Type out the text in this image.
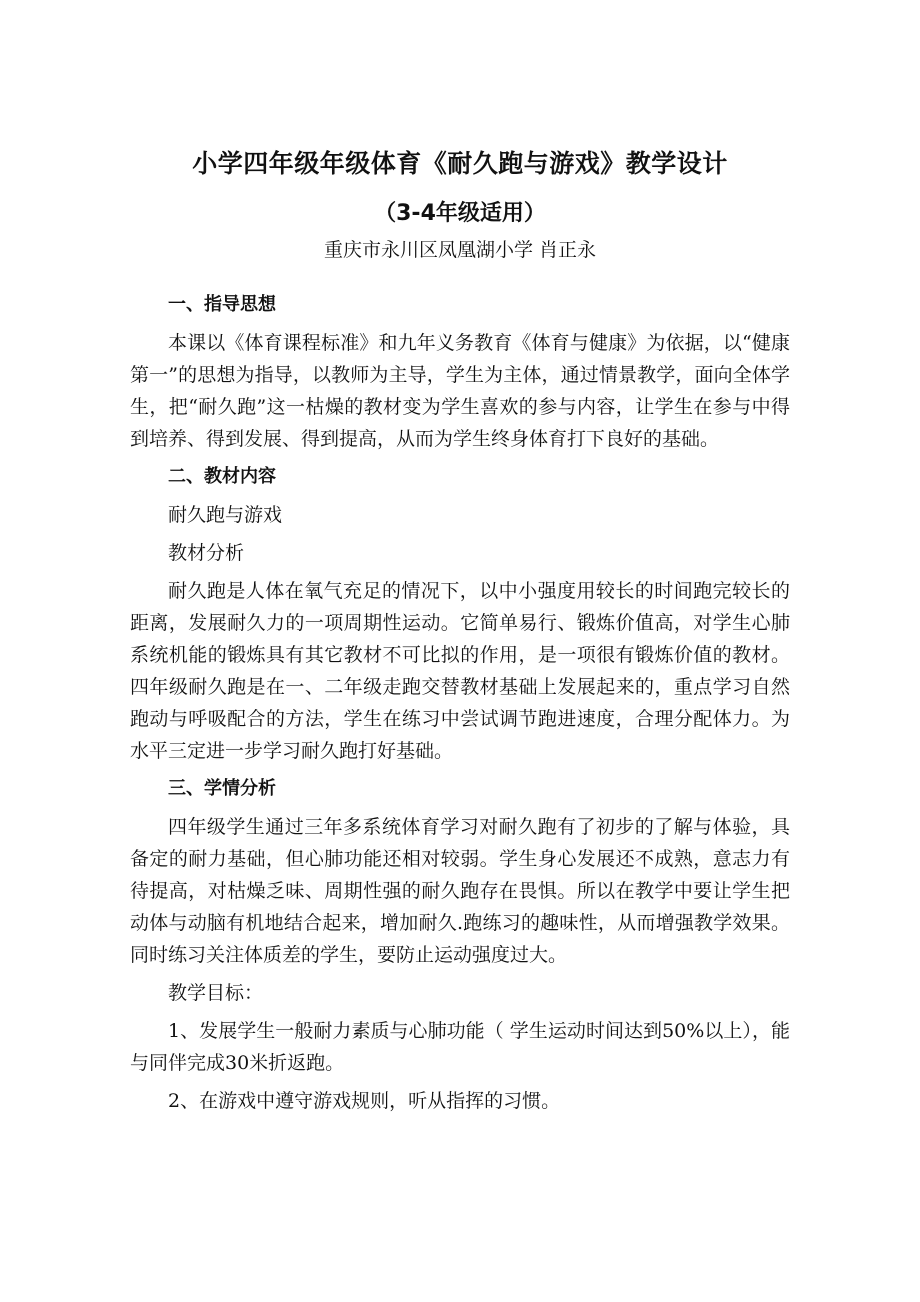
小学四年级年级体育《耐久跑与游戏》教学设计
（3-4年级适用）
重庆市永川区凤凰湖小学 肖正永

一、指导思想

本课以《体育课程标准》和九年义务教育《体育与健康》为依据，以“健康第一”的思想为指导，以教师为主导，学生为主体，通过情景教学，面向全体学生，把“耐久跑”这一枯燥的教材变为学生喜欢的参与内容，让学生在参与中得到培养、得到发展、得到提高，从而为学生终身体育打下良好的基础。

二、教材内容

耐久跑与游戏

教材分析

耐久跑是人体在氧气充足的情况下，以中小强度用较长的时间跑完较长的距离，发展耐久力的一项周期性运动。它简单易行、锻炼价值高，对学生心肺系统机能的锻炼具有其它教材不可比拟的作用，是一项很有锻炼价值的教材。四年级耐久跑是在一、二年级走跑交替教材基础上发展起来的，重点学习自然跑动与呼吸配合的方法，学生在练习中尝试调节跑进速度，合理分配体力。为水平三定进一步学习耐久跑打好基础。

三、学情分析

四年级学生通过三年多系统体育学习对耐久跑有了初步的了解与体验，具备定的耐力基础，但心肺功能还相对较弱。学生身心发展还不成熟，意志力有待提高，对枯燥乏味、周期性强的耐久跑存在畏惧。所以在教学中要让学生把动体与动脑有机地结合起来，增加耐久.跑练习的趣味性，从而增强教学效果。同时练习关注体质差的学生，要防止运动强度过大。

教学目标：

1、发展学生一般耐力素质与心肺功能（ 学生运动时间达到50%以上），能与同伴完成30米折返跑。

2、在游戏中遵守游戏规则，听从指挥的习惯。
